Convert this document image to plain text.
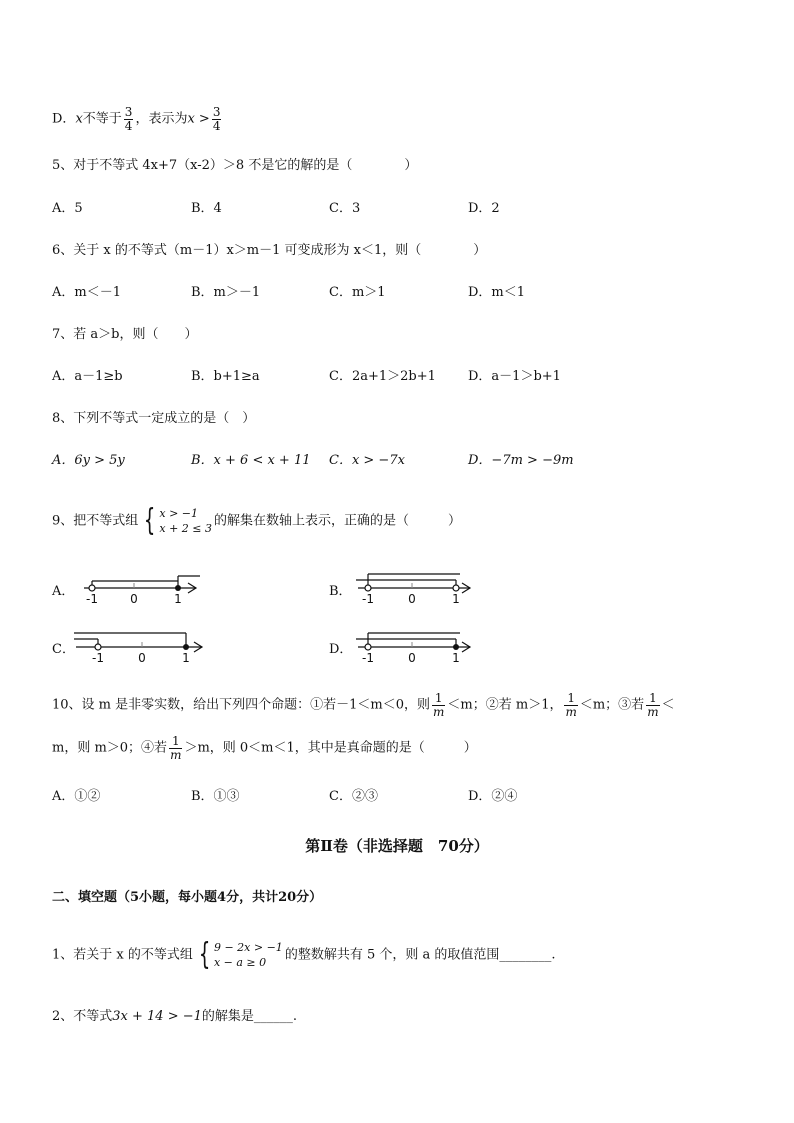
D．x不等于 $\frac{3}{4}$ ，表示为$x > \frac{3}{4}$
5、对于不等式 4x+7（x-2）＞8 不是它的解的是（　　　　）
A．5	B．4	C．3	D．2
6、关于 x 的不等式（m－1）x＞m－1 可变成形为 x＜1，则（　　　　）
A．m＜－1	B．m＞－1	C．m＞1	D．m＜1
7、若 a＞b，则（　　）
A．a－1≥b	B．b+1≥a	C．2a+1＞2b+1 D．a－1＞b+1
8、下列不等式一定成立的是（　）
A．6y > 5y	B．x + 6 < x + 11 C．x > −7x	D．−7m > −9m
9、把不等式组 { x > −1
x + 2 ≤ 3 的解集在数轴上表示，正确的是（　　　）
A． -1	0	1	B． -1	0	1
C．
-1	0	1
D．
-1	0	1
10、设 m 是非零实数，给出下列四个命题：①若－1＜m＜0，则 $\frac{1}{m} <m$；②若 m＞1， $\frac{1}{m} <m$；③若 $\frac{1}{m}$ ＜
m，则 m＞0；④若 $\frac{1}{m} >m$，则 0＜m＜1，其中是真命题的是（　　　）
A．①②	B．①③	C．②③	D．②④
第Ⅱ卷（非选择题　70分）
二、填空题（5小题，每小题4分，共计20分）
1、若关于 x 的不等式组 { 9 − 2x > −1
x − a ≥ 0	的整数解共有 5 个，则 a 的取值范围________.
2、不等式3x + 14 > −1的解集是______.
